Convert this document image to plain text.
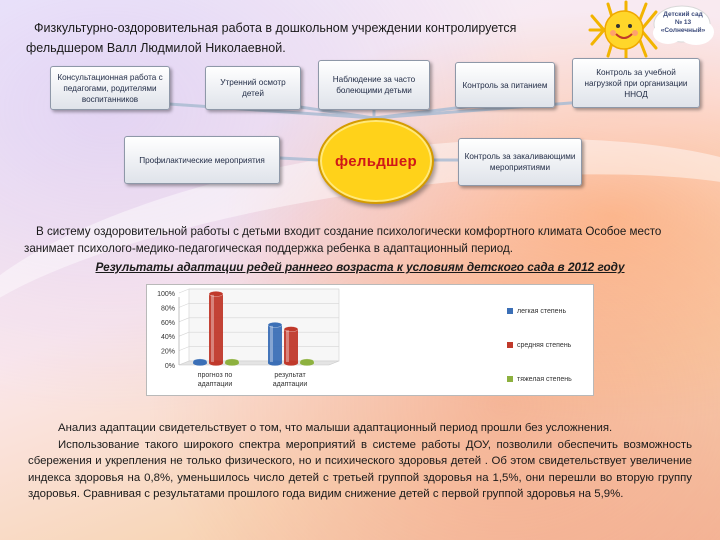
Физкультурно-оздоровительная работа в дошкольном учреждении контролируется фельдшером Валл Людмилой Николаевной.
Детский сад
№ 13
«Солнечный»
Консультационная работа с педагогами, родителями воспитанников
Утренний осмотр детей
Наблюдение за часто болеющими детьми
Контроль за питанием
Контроль за учебной нагрузкой при организации ННОД
Профилактические мероприятия	Контроль за закаливающими мероприятиями
фельдшер
В систему оздоровительной работы с детьми входит создание психологически комфортного климата Особое место занимает психолого-медико-педагогическая поддержка ребенка в адаптационный период.
Результаты адаптации редей раннего возраста к условиям детского сада в 2012 году
0%
20%
40%
60%
80%
100%
прогноз по
адаптации
результат
адаптации
легкая степень
средняя степень
тяжелая степень

Анализ адаптации свидетельствует о том, что малыши адаптационный период прошли без усложнения.

Использование такого широкого спектра мероприятий в системе работы ДОУ, позволили обеспечить возможность сбережения и укрепления не только физического, но и психического здоровья детей . Об этом свидетельствует увеличение индекса здоровья на 0,8%, уменьшилось число детей с третьей группой здоровья на 1,5%, они перешли во вторую группу здоровья. Сравнивая с результатами прошлого года видим снижение детей с первой группой здоровья на 5,9%.
